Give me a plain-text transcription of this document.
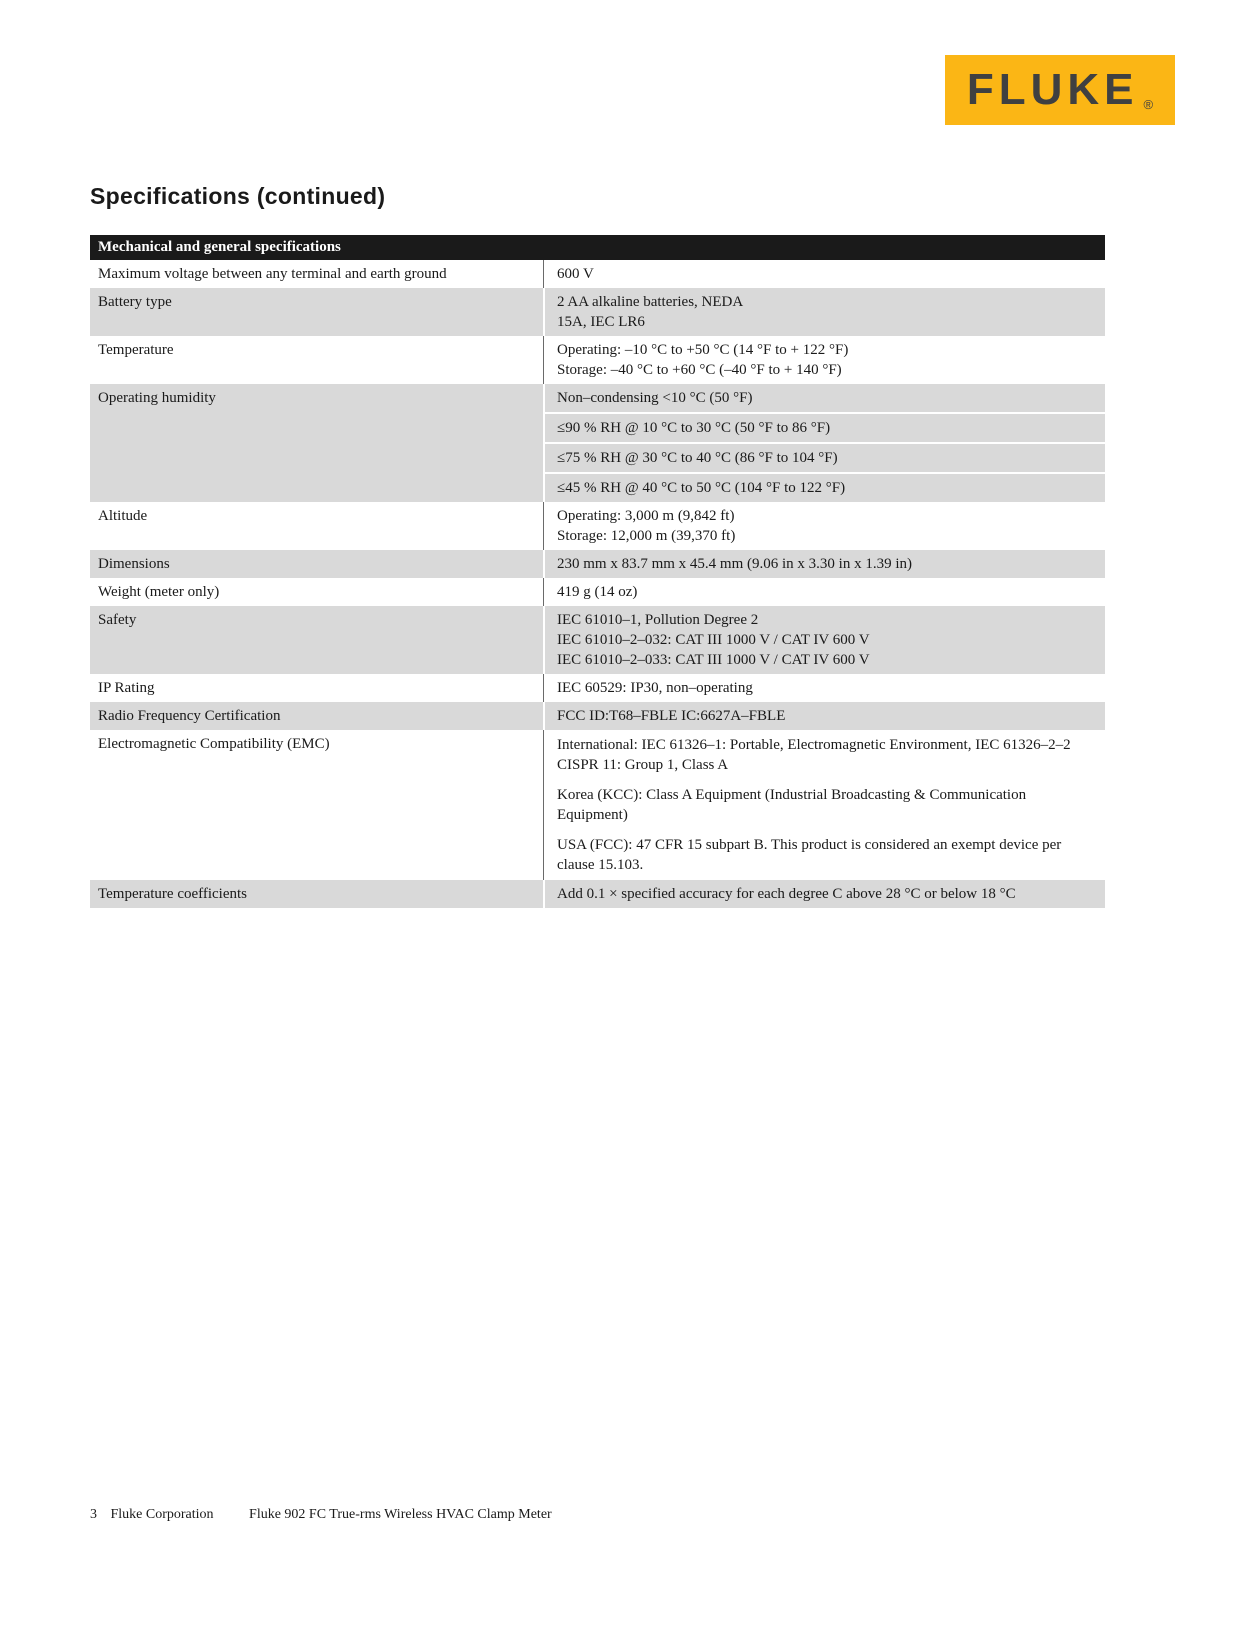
FLUKE ®
Specifications (continued)
Mechanical and general specifications
Maximum voltage between any terminal and earth ground	600 V
Battery type	2 AA alkaline batteries, NEDA
15A, IEC LR6
Temperature	Operating: –10 °C to +50 °C (14 °F to + 122 °F)
Storage: –40 °C to +60 °C (–40 °F to + 140 °F)
Operating humidity	Non–condensing <10 °C (50 °F)
≤90 % RH @ 10 °C to 30 °C (50 °F to 86 °F)
≤75 % RH @ 30 °C to 40 °C (86 °F to 104 °F)
≤45 % RH @ 40 °C to 50 °C (104 °F to 122 °F)
Altitude	Operating: 3,000 m (9,842 ft)
Storage: 12,000 m (39,370 ft)
Dimensions	230 mm x 83.7 mm x 45.4 mm (9.06 in x 3.30 in x 1.39 in)
Weight (meter only)	419 g (14 oz)
Safety	IEC 61010–1, Pollution Degree 2
IEC 61010–2–032: CAT III 1000 V / CAT IV 600 V
IEC 61010–2–033: CAT III 1000 V / CAT IV 600 V
IP Rating	IEC 60529: IP30, non–operating
Radio Frequency Certification	FCC ID:T68–FBLE IC:6627A–FBLE
Electromagnetic Compatibility (EMC)	International: IEC 61326–1: Portable, Electromagnetic Environment, IEC 61326–2–2 CISPR 11: Group 1, Class A
Korea (KCC): Class A Equipment (Industrial Broadcasting & Communication Equipment)
USA (FCC): 47 CFR 15 subpart B. This product is considered an exempt device per clause 15.103.
Temperature coefficients	Add 0.1 × specified accuracy for each degree C above 28 °C or below 18 °C
3 Fluke Corporation	Fluke 902 FC True-rms Wireless HVAC Clamp Meter
